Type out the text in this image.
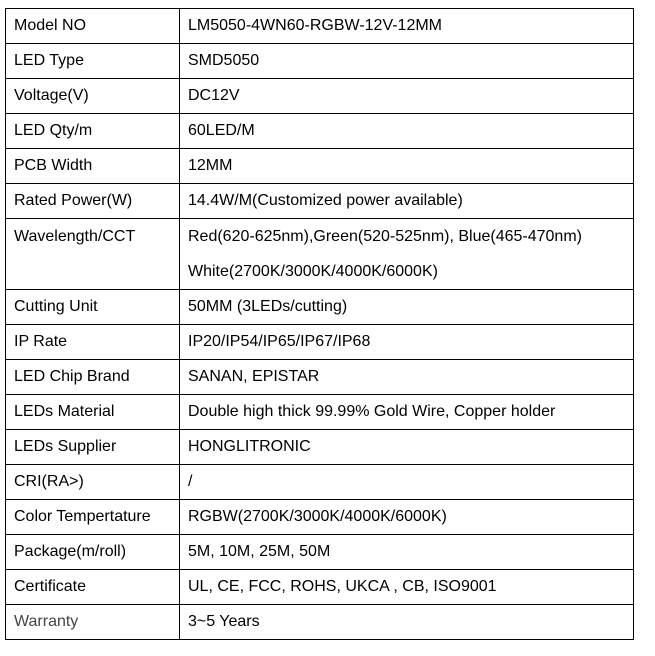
Model NO	LM5050-4WN60-RGBW-12V-12MM
LED Type	SMD5050
Voltage(V)	DC12V
LED Qty/m	60LED/M
PCB Width	12MM
Rated Power(W)	14.4W/M(Customized power available)

Wavelength/CCT	Red(620-625nm),Green(520-525nm), Blue(465-470nm)
White(2700K/3000K/4000K/6000K)

Cutting Unit	50MM (3LEDs/cutting)
IP Rate	IP20/IP54/IP65/IP67/IP68
LED Chip Brand	SANAN, EPISTAR
LEDs Material	Double high thick 99.99% Gold Wire, Copper holder
LEDs Supplier	HONGLITRONIC
CRI(RA>)	/
Color Tempertature	RGBW(2700K/3000K/4000K/6000K)
Package(m/roll)	5M, 10M, 25M, 50M
Certificate	UL, CE, FCC, ROHS, UKCA , CB, ISO9001
Warranty	3~5 Years
